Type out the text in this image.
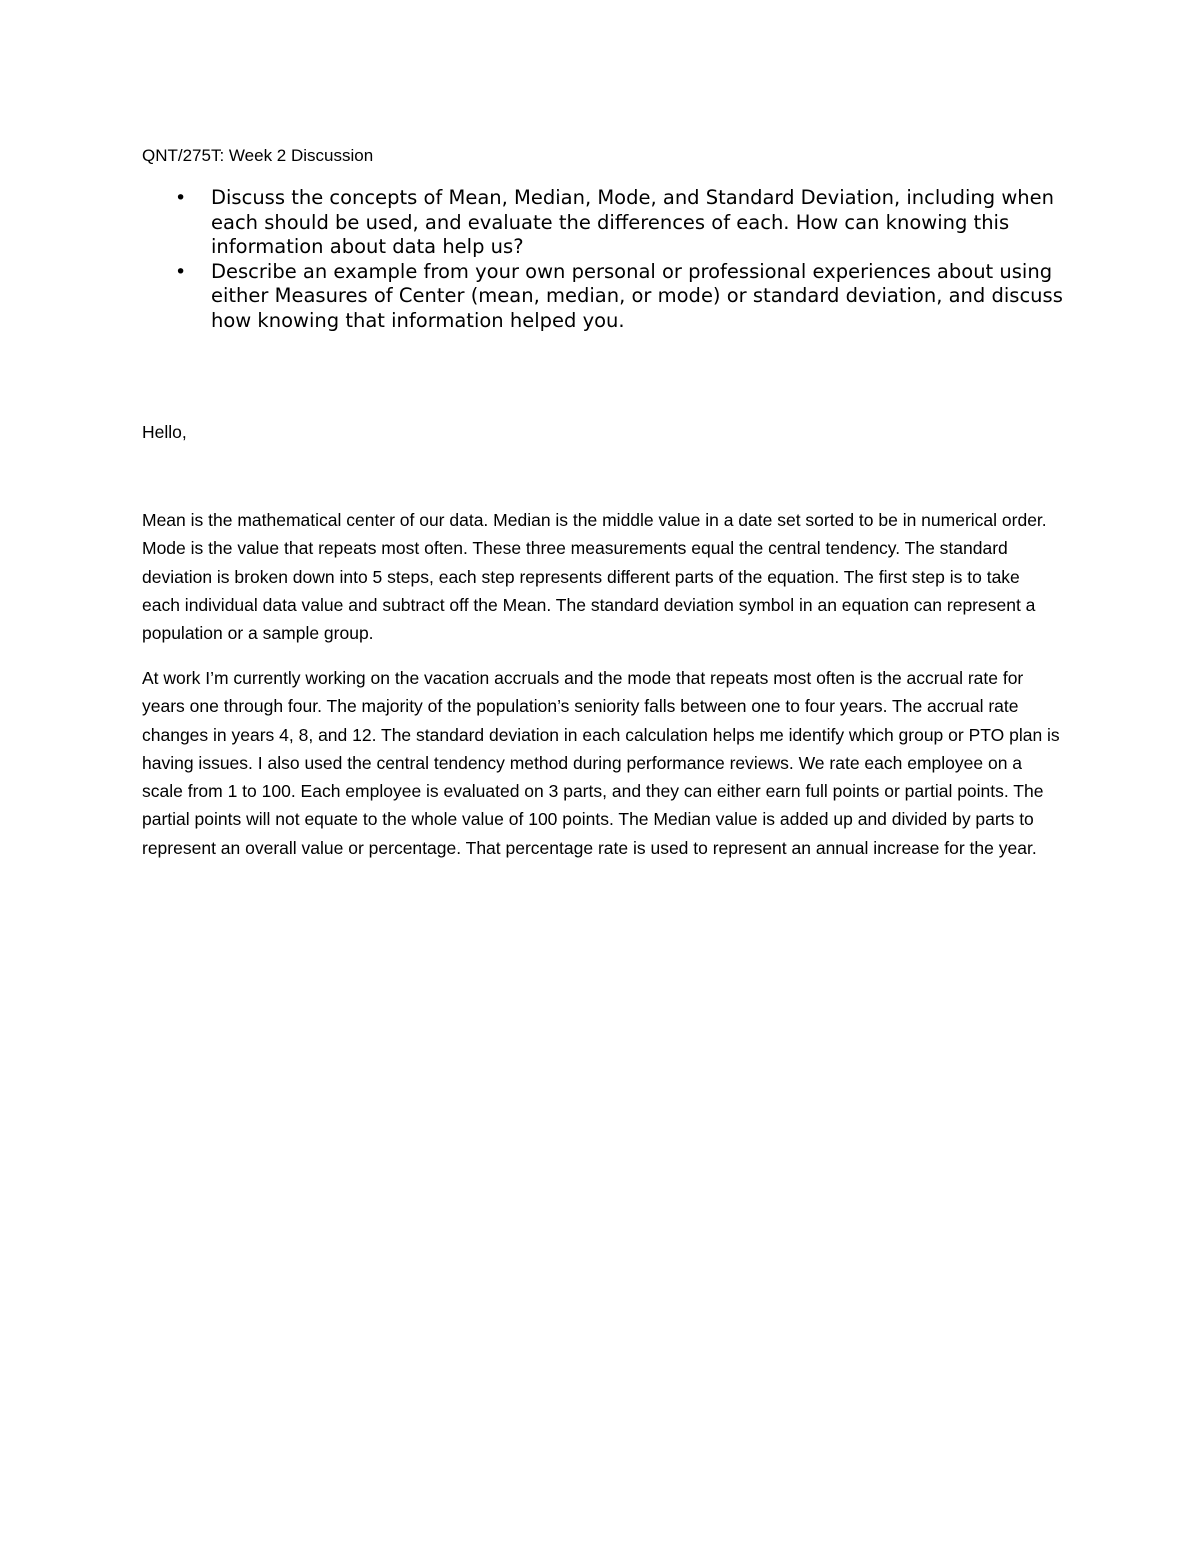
QNT/275T: Week 2 Discussion
• Discuss the concepts of Mean, Median, Mode, and Standard Deviation, including when each should be used, and evaluate the differences of each. How can knowing this information about data help us?
• Describe an example from your own personal or professional experiences about using either Measures of Center (mean, median, or mode) or standard deviation, and discuss how knowing that information helped you.
Hello,

Mean is the mathematical center of our data. Median is the middle value in a date set sorted to be in numerical order. Mode is the value that repeats most often. These three measurements equal the central tendency. The standard deviation is broken down into 5 steps, each step represents different parts of the equation. The first step is to take each individual data value and subtract off the Mean. The standard deviation symbol in an equation can represent a population or a sample group.

At work I’m currently working on the vacation accruals and the mode that repeats most often is the accrual rate for years one through four. The majority of the population’s seniority falls between one to four years. The accrual rate changes in years 4, 8, and 12. The standard deviation in each calculation helps me identify which group or PTO plan is having issues. I also used the central tendency method during performance reviews. We rate each employee on a scale from 1 to 100. Each employee is evaluated on 3 parts, and they can either earn full points or partial points. The partial points will not equate to the whole value of 100 points. The Median value is added up and divided by parts to represent an overall value or percentage. That percentage rate is used to represent an annual increase for the year.
